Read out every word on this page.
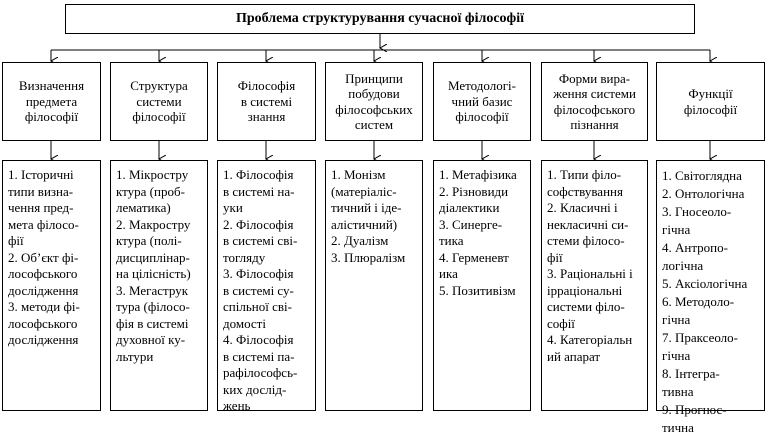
Проблема структурування сучасної філософії
Визначення
предмета
філософії
Структура
системи
філософії
Філософія
в системі
знання
Принципи
побудови
філософських
систем
Методологі-
чний базис
філософії
Форми вира-
ження системи
філософського
пізнання
Функції
філософії
1. Історичні
типи визна-
чення пред-
мета філосо-
фії
2. Об’єкт фі-
лософського
дослідження
3. методи фі-
лософського
дослідження
1. Мікростру
ктура (проб-
лематика)
2. Макростру
ктура (полі-
дисциплінар-
на цілісність)
3. Мегаструк
тура (філосо-
фія в системі
духовної ку-
льтури
1. Філософія
в системі на-
уки
2. Філософія
в системі сві-
тогляду
3. Філософія
в системі су-
спільної сві-
домості
4. Філософія
в системі па-
рафілософсь-
ких дослід-
жень
1. Монізм
(матеріаліс-
тичний і іде-
алістичний)
2. Дуалізм
3. Плюралізм
1. Метафізика
2. Різновиди
діалектики
3. Синерге-
тика
4. Герменевт
ика
5. Позитивізм
1. Типи філо-
софствування
2. Класичні і
некласичні си-
стеми філосо-
фії
3. Раціональні і
ірраціональні
системи філо-
софії
4. Категоріальн
ий апарат
1. Світоглядна
2. Онтологічна
3. Гносеоло-
гічна
4. Антропо-
логічна
5. Аксіологічна
6. Методоло-
гічна
7. Праксеоло-
гічна
8. Інтегра-
тивна
9. Прогнос-
тична
